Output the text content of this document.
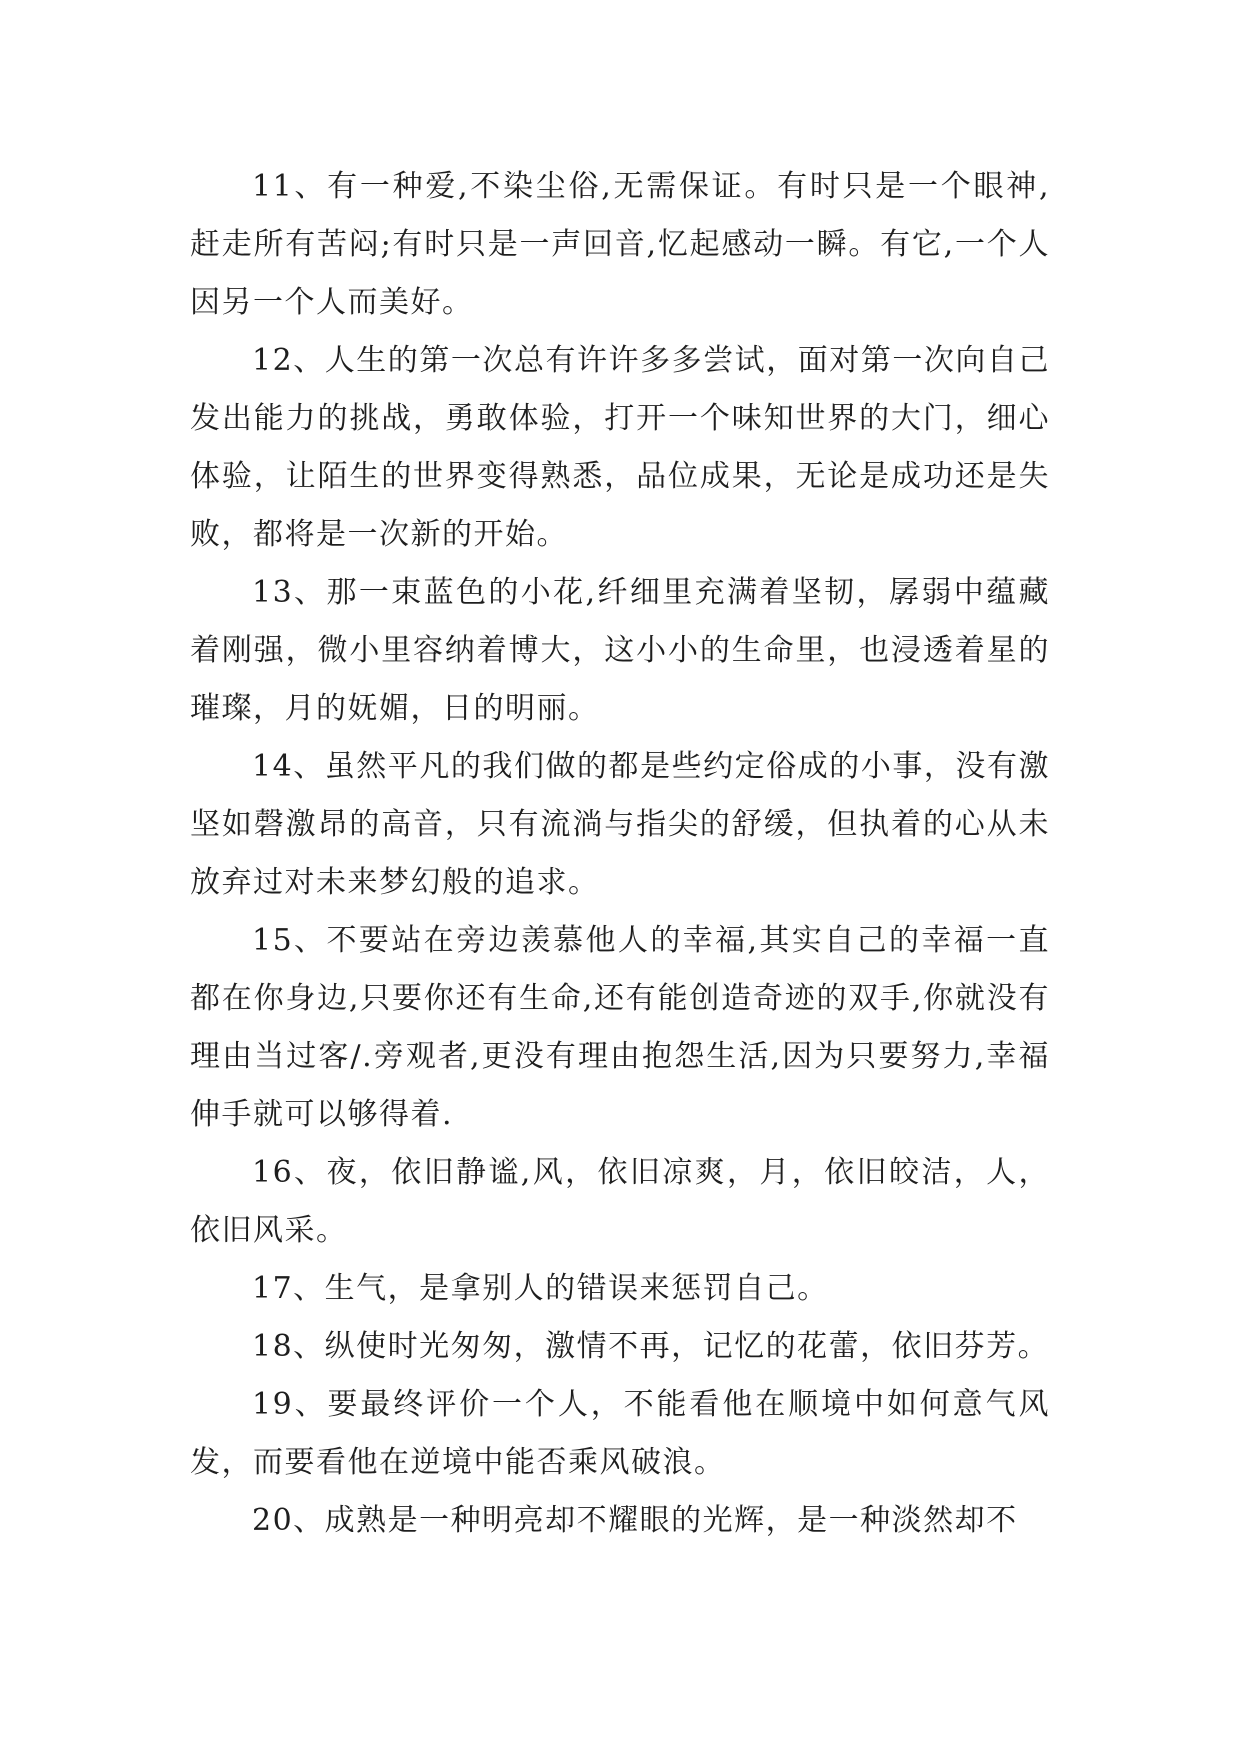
11、有一种爱,不染尘俗,无需保证。有时只是一个眼神,赶走所有苦闷;有时只是一声回音,忆起感动一瞬。有它,一个人因另一个人而美好。

12、人生的第一次总有许许多多尝试，面对第一次向自己发出能力的挑战，勇敢体验，打开一个味知世界的大门，细心体验，让陌生的世界变得熟悉，品位成果，无论是成功还是失败，都将是一次新的开始。

13、那一束蓝色的小花,纤细里充满着坚韧，孱弱中蕴藏着刚强，微小里容纳着博大，这小小的生命里，也浸透着星的璀璨，月的妩媚，日的明丽。

14、虽然平凡的我们做的都是些约定俗成的小事，没有激坚如磬激昂的高音，只有流淌与指尖的舒缓，但执着的心从未放弃过对未来梦幻般的追求。

15、不要站在旁边羡慕他人的幸福,其实自己的幸福一直都在你身边,只要你还有生命,还有能创造奇迹的双手,你就没有理由当过客/.旁观者,更没有理由抱怨生活,因为只要努力,幸福伸手就可以够得着.

16、夜，依旧静谧,风，依旧凉爽，月，依旧皎洁，人，依旧风采。

17、生气，是拿别人的错误来惩罚自己。

18、纵使时光匆匆，激情不再，记忆的花蕾，依旧芬芳。

19、要最终评价一个人，不能看他在顺境中如何意气风发，而要看他在逆境中能否乘风破浪。

20、成熟是一种明亮却不耀眼的光辉，是一种淡然却不
